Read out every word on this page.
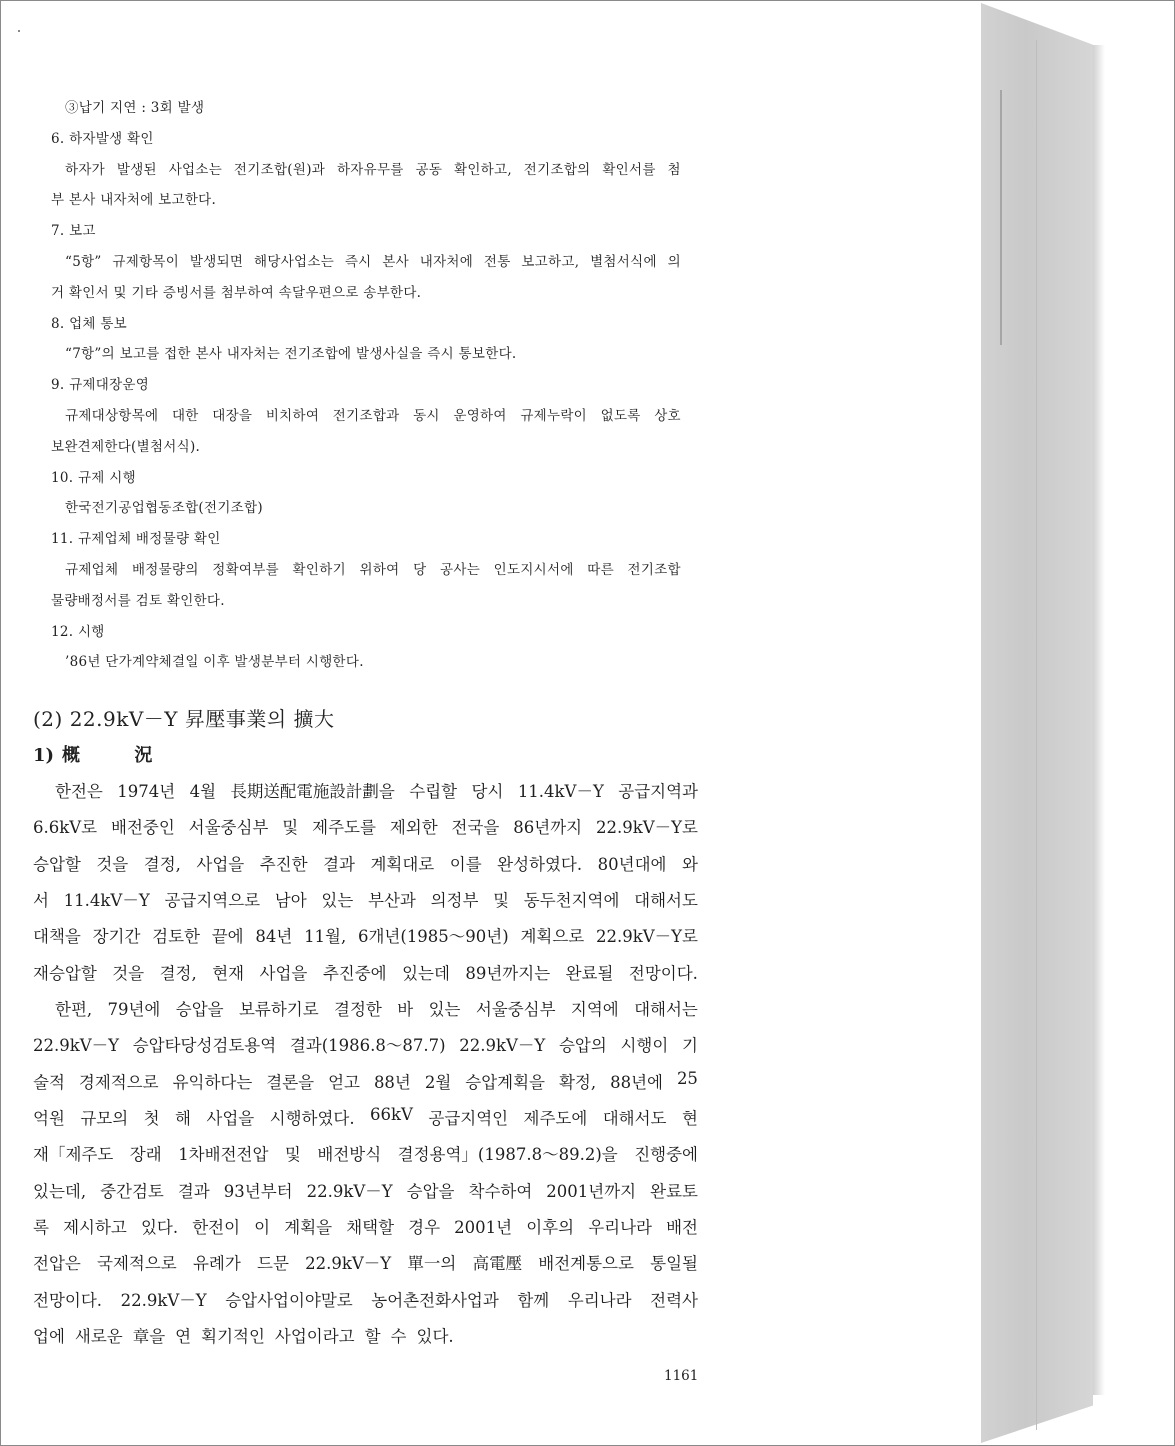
③납기 지연 : 3회 발생
6. 하자발생 확인
하자가 발생된 사업소는 전기조합(원)과 하자유무를 공동 확인하고, 전기조합의 확인서를 첨
부 본사 내자처에 보고한다.
7. 보고
“5항” 규제항목이 발생되면 해당사업소는 즉시 본사 내자처에 전통 보고하고, 별첨서식에 의
거 확인서 및 기타 증빙서를 첨부하여 속달우편으로 송부한다.
8. 업체 통보
“7항”의 보고를 접한 본사 내자처는 전기조합에 발생사실을 즉시 통보한다.
9. 규제대장운영
규제대상항목에 대한 대장을 비치하여 전기조합과 동시 운영하여 규제누락이 없도록 상호
보완견제한다(별첨서식).
10. 규제 시행
한국전기공업협동조합(전기조합)
11. 규제업체 배정물량 확인
규제업체 배정물량의 정확여부를 확인하기 위하여 당 공사는 인도지시서에 따른 전기조합
물량배정서를 검토 확인한다.
12. 시행
’86년 단가계약체결일 이후 발생분부터 시행한다.
(2) 22.9kV－Y 昇壓事業의 擴大
1) 概 況
한전은 1974년 4월 長期送配電施設計劃을 수립할 당시 11.4kV－Y 공급지역과
6.6kV로 배전중인 서울중심부 및 제주도를 제외한 전국을 86년까지 22.9kV－Y로
승압할 것을 결정, 사업을 추진한 결과 계획대로 이를 완성하였다. 80년대에 와
서 11.4kV－Y 공급지역으로 남아 있는 부산과 의정부 및 동두천지역에 대해서도
대책을 장기간 검토한 끝에 84년 11월, 6개년(1985～90년) 계획으로 22.9kV－Y로
재승압할 것을 결정, 현재 사업을 추진중에 있는데 89년까지는 완료될 전망이다.
한편, 79년에 승압을 보류하기로 결정한 바 있는 서울중심부 지역에 대해서는
22.9kV－Y 승압타당성검토용역 결과(1986.8～87.7) 22.9kV－Y 승압의 시행이 기
술적 경제적으로 유익하다는 결론을 얻고 88년 2월 승압계획을 확정, 88년에 25
억원 규모의 첫 해 사업을 시행하였다. 66kV 공급지역인 제주도에 대해서도 현
재「제주도 장래 1차배전전압 및 배전방식 결정용역」(1987.8～89.2)을 진행중에
있는데, 중간검토 결과 93년부터 22.9kV－Y 승압을 착수하여 2001년까지 완료토
록 제시하고 있다. 한전이 이 계획을 채택할 경우 2001년 이후의 우리나라 배전
전압은 국제적으로 유례가 드문 22.9kV－Y 單一의 高電壓 배전계통으로 통일될
전망이다. 22.9kV－Y 승압사업이야말로 농어촌전화사업과 함께 우리나라 전력사
업에 새로운 章을 연 획기적인 사업이라고 할 수 있다.
1161
